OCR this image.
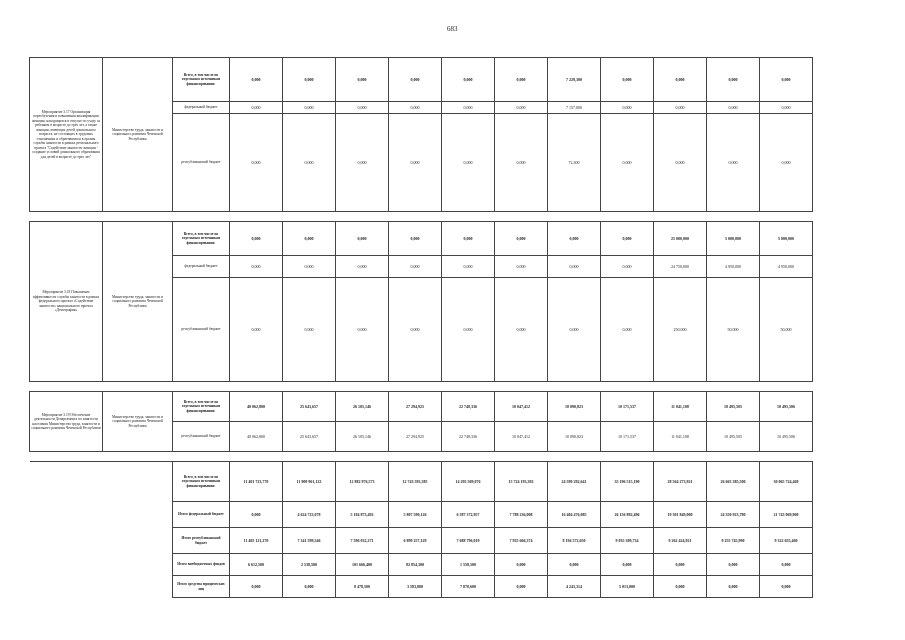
683
Мероприятие 3.17 Организация переобучения и повышения квалификации женщин, находящихся в отпуске по уходу за ребенком в возрасте до трех лет, а также женщин, имеющих детей дошкольного возраста, не состоящих в трудовых отношениях и обратившихся в органы службы занятости в рамках регионального проекта "Содействие занятости женщин - создание условий дошкольного образования для детей в возрасте до трех лет"	Министерство труда, занятости и социального развития Чеченской Республики	Всего, в том числе по отдельным источникам финансирования:	0,000	0,000	0,000	0,000	0,000	0,000	7 229,300	0,000	0,000	0,000	0,000
		федеральный бюджет	0,000	0,000	0,000	0,000	0,000	0,000	7 157,000	0,000	0,000	0,000	0,000
		республиканский бюджет	0,000	0,000	0,000	0,000	0,000	0,000	72,300	0,000	0,000	0,000	0,000

Мероприятие 3.18 Повышение эффективности службы занятости в рамках федерального проекта «Содействие занятости» национального проекта «Демография»	Министерство труда, занятости и социального развития Чеченской Республики	Всего, в том числе по отдельным источникам финансирования:	0,000	0,000	0,000	0,000	0,000	0,000	0,000	0,000	25 000,000	5 000,000	5 000,000
		федеральный бюджет	0,000	0,000	0,000	0,000	0,000	0,000	0,000	0,000	24 750,000	4 950,000	4 950,000
		республиканский бюджет	0,000	0,000	0,000	0,000	0,000	0,000	0,000	0,000	250,000	50,000	50,000

Мероприятие 3.19 Обеспечение деятельности Департамента по занятости населения Министерства труда, занятости и социального развития Чеченской Республики	Министерство труда, занятости и социального развития Чеченской Республики	Всего, в том числе по отдельным источникам финансирования:	40 062,800	25 643,657	26 105,146	27 294,925	22 748,336	10 047,412	10 090,823	10 171,537	11 041,108	10 495,505	10 495,506
		республиканский бюджет	40 062,800	25 643,657	26 105,146	27 294,925	22 748,336	10 047,412	10 090,823	10 171,537	11 041,108	10 495,505	10 495,506

		Всего, в том числе по отдельным источникам финансирования:	11 401 723,770	11 909 961,122	12 882 976,573	12 743 593,385	14 295 509,076	15 724 193,392	24 599 292,641	35 196 515,190	28 564 273,921	26 663 385,500	30 065 724,469
		Итого федеральный бюджет	0,000	4 624 723,078	5 184 873,492	5 807 590,126	6 587 372,957	7 788 236,008	16 404 476,085	26 156 892,496	19 301 849,000	24 350 923,780	21 743 069,900
		Итого республиканский бюджет	11 405 121,270	7 341 599,546	7 596 032,271	6 899 257,129	7 688 796,019	7 935 666,374	8 194 572,650	9 035 309,734	9 262 424,921	9 255 745,990	9 322 655,460
		Итого внебюджетных фондов	6 612,500	2 538,500	101 666,400	82 854,300	1 558,500	0,000	0,000	0,000	0,000	0,000	0,000
		Итого средства юридических лиц	0,000	0,000	0 478,500	3 583,800	7 870,600	0,000	4 243,314	5 013,000	0,000	0,000	0,000
